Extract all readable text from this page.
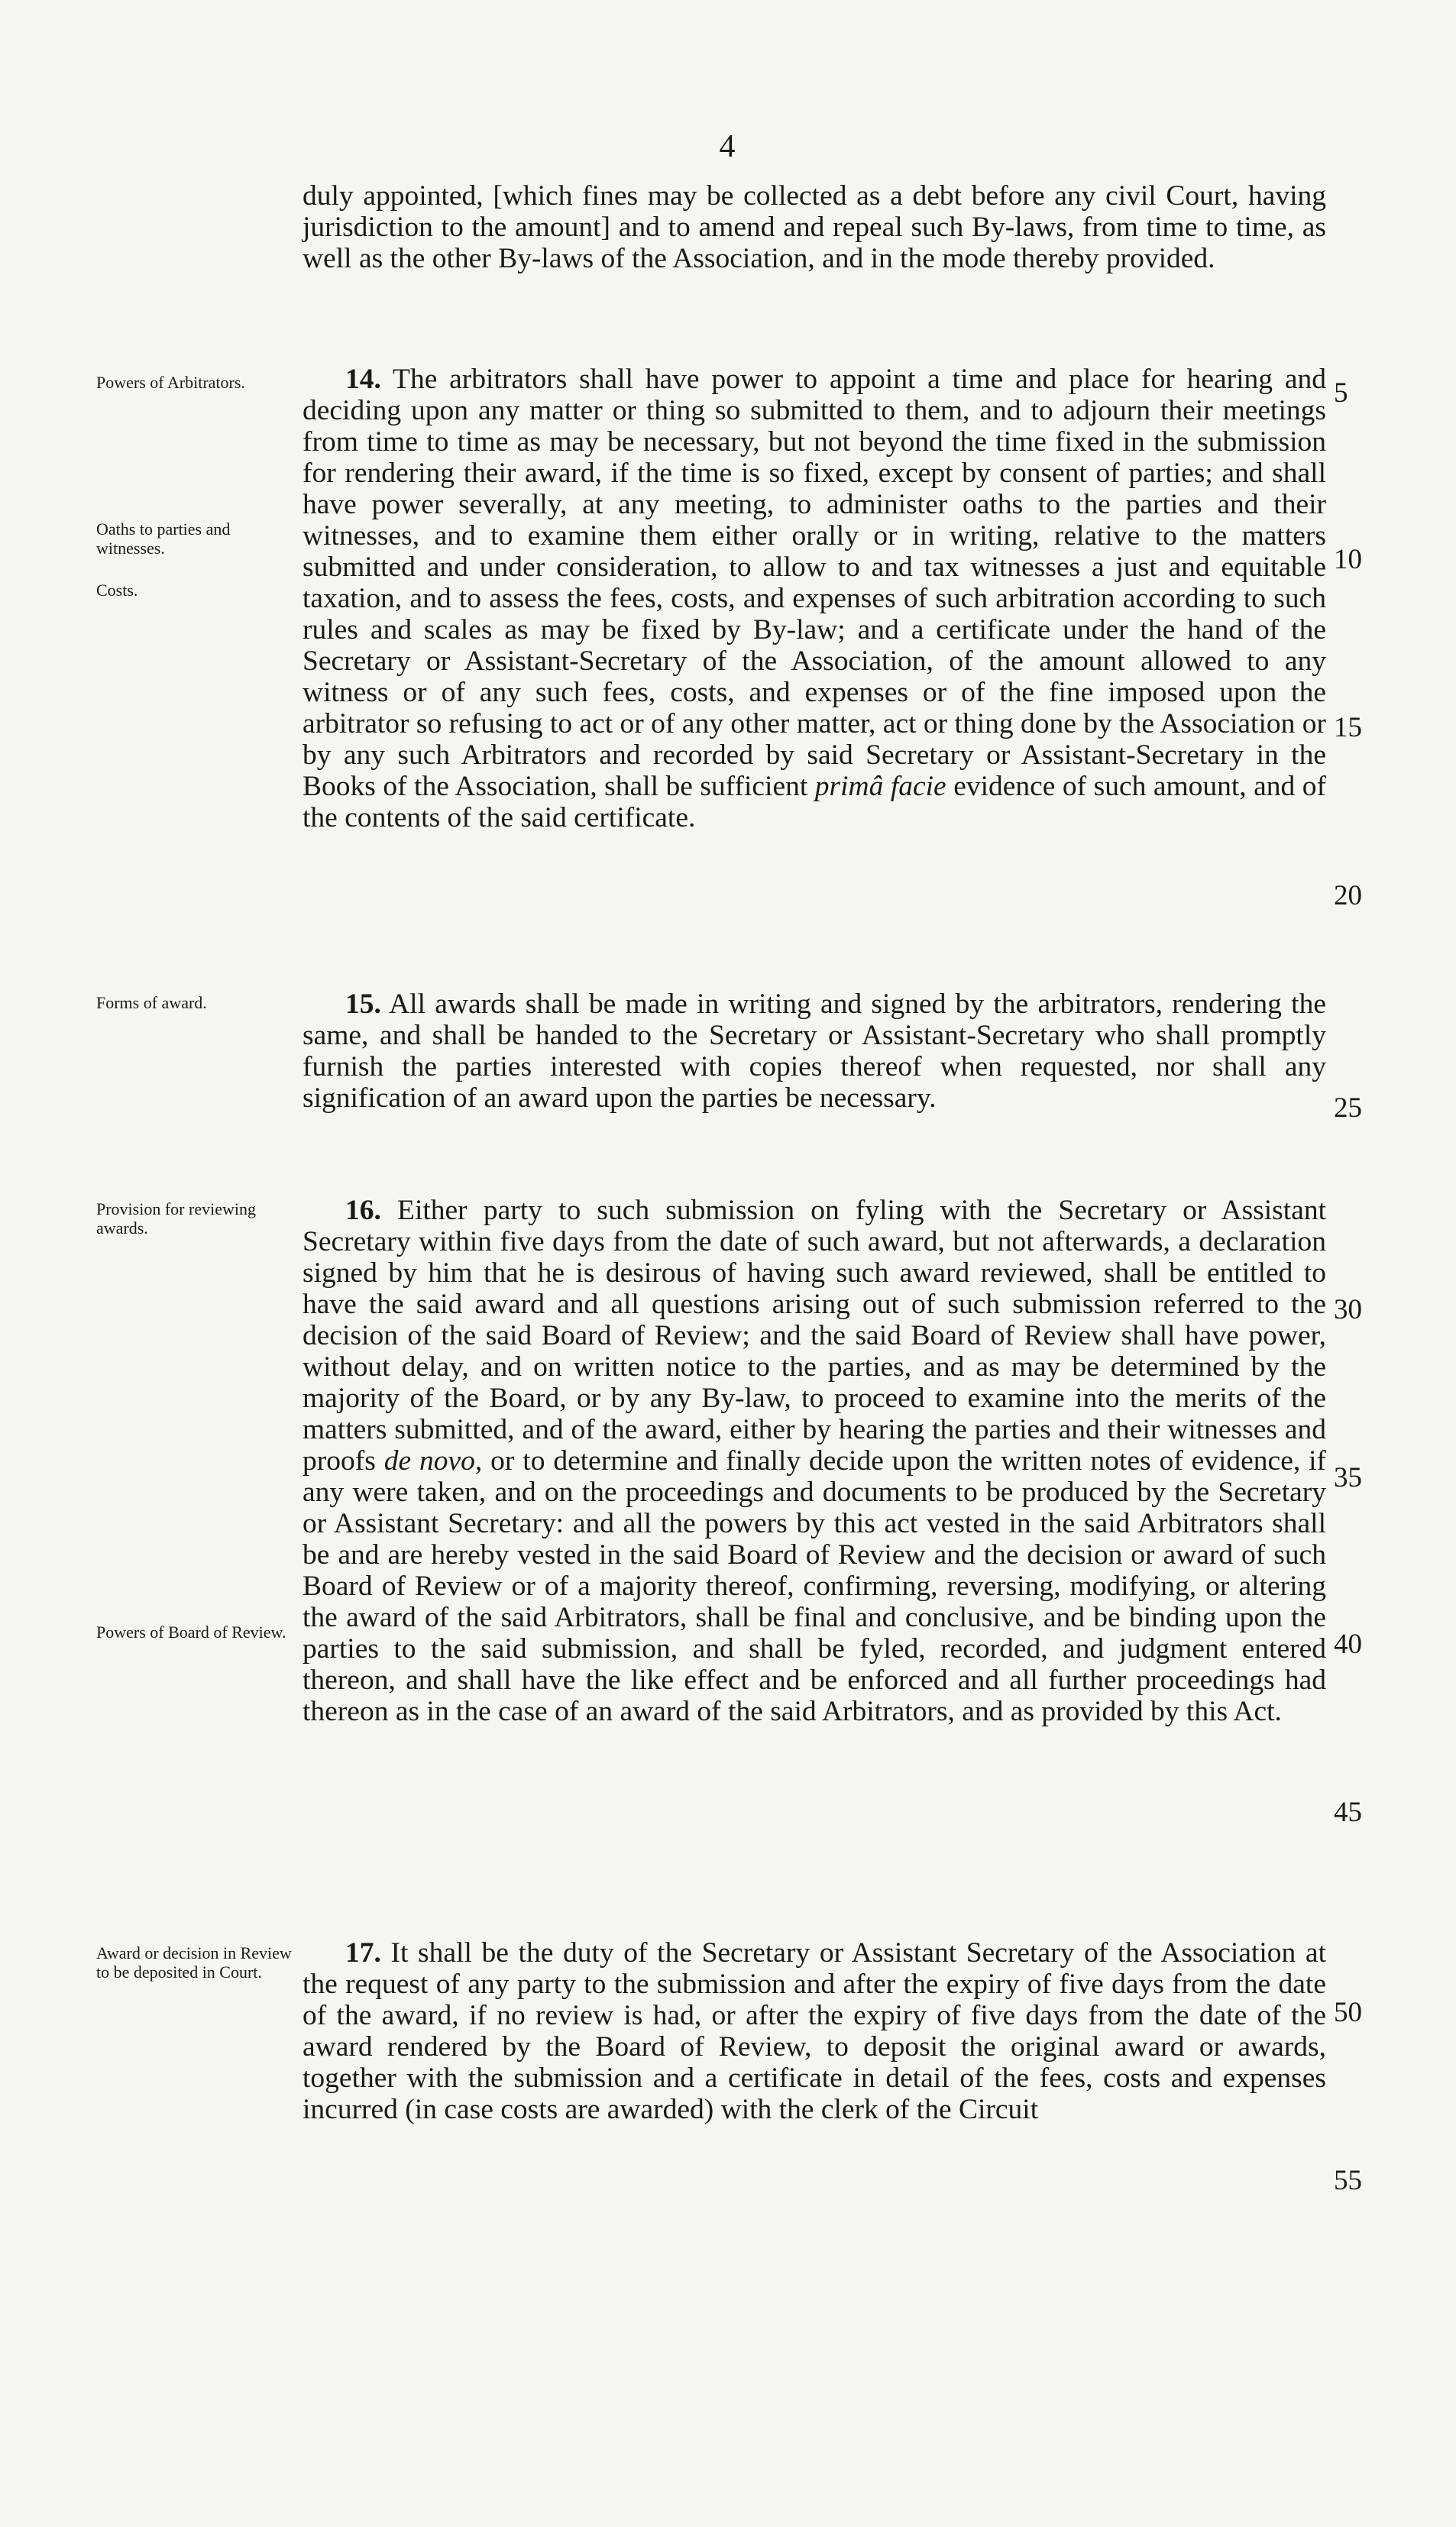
4

duly appointed, [which fines may be collected as a debt before any civil Court, having jurisdiction to the amount] and to amend and repeal such By-laws, from time to time, as well as the other By-laws of the Association, and in the mode thereby provided.

14. The arbitrators shall have power to appoint a time and place for hearing and deciding upon any matter or thing so submitted to them, and to adjourn their meetings from time to time as may be necessary, but not beyond the time fixed in the submission for rendering their award, if the time is so fixed, except by consent of parties; and shall have power severally, at any meeting, to administer oaths to the parties and their witnesses, and to examine them either orally or in writing, relative to the matters submitted and under consideration, to allow to and tax witnesses a just and equitable taxation, and to assess the fees, costs, and expenses of such arbitration according to such rules and scales as may be fixed by By-law; and a certificate under the hand of the Secretary or Assistant-Secretary of the Association, of the amount allowed to any witness or of any such fees, costs, and expenses or of the fine imposed upon the arbitrator so refusing to act or of any other matter, act or thing done by the Association or by any such Arbitrators and recorded by said Secretary or Assistant-Secretary in the Books of the Association, shall be sufficient primâ facie evidence of such amount, and of the contents of the said certificate.

15. All awards shall be made in writing and signed by the arbitrators, rendering the same, and shall be handed to the Secretary or Assistant-Secretary who shall promptly furnish the parties interested with copies thereof when requested, nor shall any signification of an award upon the parties be necessary.

16. Either party to such submission on fyling with the Secretary or Assistant Secretary within five days from the date of such award, but not afterwards, a declaration signed by him that he is desirous of having such award reviewed, shall be entitled to have the said award and all questions arising out of such submission referred to the decision of the said Board of Review; and the said Board of Review shall have power, without delay, and on written notice to the parties, and as may be determined by the majority of the Board, or by any By-law, to proceed to examine into the merits of the matters submitted, and of the award, either by hearing the parties and their witnesses and proofs de novo, or to determine and finally decide upon the written notes of evidence, if any were taken, and on the proceedings and documents to be produced by the Secretary or Assistant Secretary: and all the powers by this act vested in the said Arbitrators shall be and are hereby vested in the said Board of Review and the decision or award of such Board of Review or of a majority thereof, confirming, reversing, modifying, or altering the award of the said Arbitrators, shall be final and conclusive, and be binding upon the parties to the said submission, and shall be fyled, recorded, and judgment entered thereon, and shall have the like effect and be enforced and all further proceedings had thereon as in the case of an award of the said Arbitrators, and as provided by this Act.

17. It shall be the duty of the Secretary or Assistant Secretary of the Association at the request of any party to the submission and after the expiry of five days from the date of the award, if no review is had, or after the expiry of five days from the date of the award rendered by the Board of Review, to deposit the original award or awards, together with the submission and a certificate in detail of the fees, costs and expenses incurred (in case costs are awarded) with the clerk of the Circuit

Powers of Arbitrators.
Oaths to parties and witnesses.
Costs.
Forms of award.
Provision for reviewing awards.
Powers of Board of Review.
Award or decision in Review to be deposited in Court.
5
10
15
20
25
30
35
40
45
50
55
